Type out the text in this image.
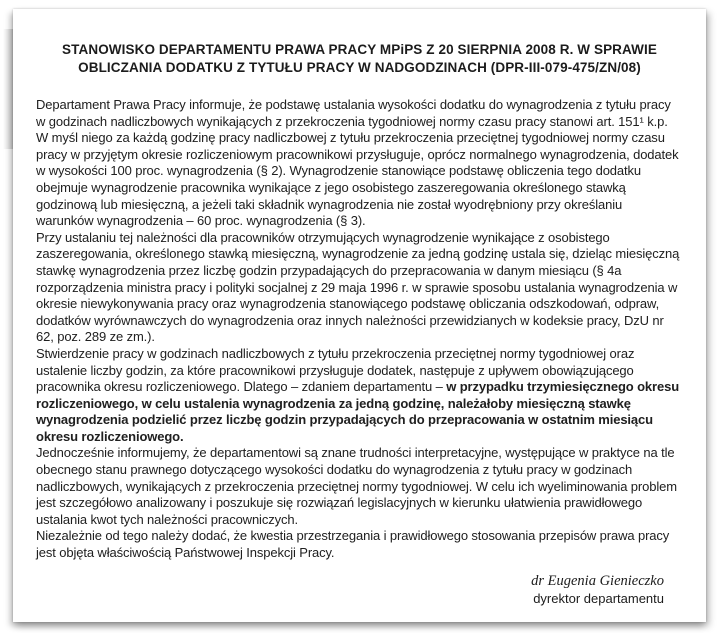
STANOWISKO DEPARTAMENTU PRAWA PRACY MPiPS Z 20 SIERPNIA 2008 R. W SPRAWIE
OBLICZANIA DODATKU Z TYTUŁU PRACY W NADGODZINACH (DPR-III-079-475/ZN/08)

Departament Prawa Pracy informuje, że podstawę ustalania wysokości dodatku do wynagrodzenia z tytułu pracy w godzinach nadliczbowych wynikających z przekroczenia tygodniowej normy czasu pracy stanowi art. 151¹ k.p. W myśl niego za każdą godzinę pracy nadliczbowej z tytułu przekroczenia przeciętnej tygodniowej normy czasu pracy w przyjętym okresie rozliczeniowym pracownikowi przysługuje, oprócz normalnego wynagrodzenia, dodatek w wysokości 100 proc. wynagrodzenia (§ 2). Wynagrodzenie stanowiące podstawę obliczenia tego dodatku obejmuje wynagrodzenie pracownika wynikające z jego osobistego zaszeregowania określonego stawką godzinową lub miesięczną, a jeżeli taki składnik wynagrodzenia nie został wyodrębniony przy określaniu warunków wynagrodzenia – 60 proc. wynagrodzenia (§ 3).

Przy ustalaniu tej należności dla pracowników otrzymujących wynagrodzenie wynikające z osobistego zaszeregowania, określonego stawką miesięczną, wynagrodzenie za jedną godzinę ustala się, dzieląc miesięczną stawkę wynagrodzenia przez liczbę godzin przypadających do przepracowania w danym miesiącu (§ 4a rozporządzenia ministra pracy i polityki socjalnej z 29 maja 1996 r. w sprawie sposobu ustalania wynagrodzenia w okresie niewykonywania pracy oraz wynagrodzenia stanowiącego podstawę obliczania odszkodowań, odpraw, dodatków wyrównawczych do wynagrodzenia oraz innych należności przewidzianych w kodeksie pracy, DzU nr 62, poz. 289 ze zm.).

Stwierdzenie pracy w godzinach nadliczbowych z tytułu przekroczenia przeciętnej normy tygodniowej oraz ustalenie liczby godzin, za które pracownikowi przysługuje dodatek, następuje z upływem obowiązującego pracownika okresu rozliczeniowego. Dlatego – zdaniem departamentu – w przypadku trzymiesięcznego okresu rozliczeniowego, w celu ustalenia wynagrodzenia za jedną godzinę, należałoby miesięczną stawkę wynagrodzenia podzielić przez liczbę godzin przypadających do przepracowania w ostatnim miesiącu okresu rozliczeniowego.

Jednocześnie informujemy, że departamentowi są znane trudności interpretacyjne, występujące w praktyce na tle obecnego stanu prawnego dotyczącego wysokości dodatku do wynagrodzenia z tytułu pracy w godzinach nadliczbowych, wynikających z przekroczenia przeciętnej normy tygodniowej. W celu ich wyeliminowania problem jest szczegółowo analizowany i poszukuje się rozwiązań legislacyjnych w kierunku ułatwienia prawidłowego ustalania kwot tych należności pracowniczych.

Niezależnie od tego należy dodać, że kwestia przestrzegania i prawidłowego stosowania przepisów prawa pracy jest objęta właściwością Państwowej Inspekcji Pracy.

dr Eugenia Gienieczko
dyrektor departamentu
